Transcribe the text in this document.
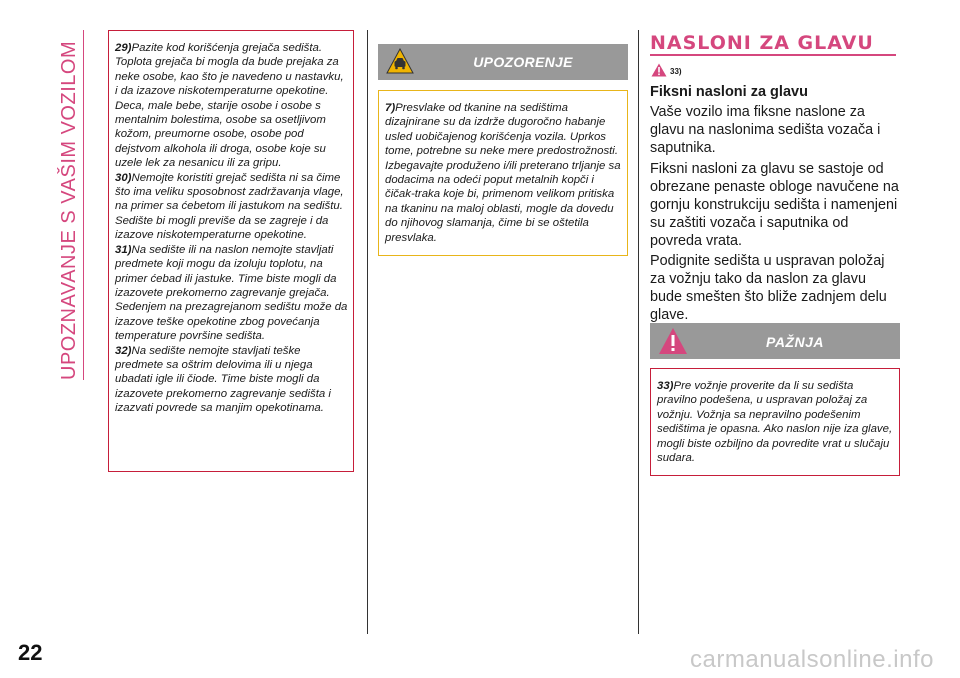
UPOZNAVANJE S VAŠIM VOZILOM
22

29)Pazite kod korišćenja grejača sedišta. Toplota grejača bi mogla da bude prejaka za neke osobe, kao što je navedeno u nastavku, i da izazove niskotemperaturne opekotine. Deca, male bebe, starije osobe i osobe s mentalnim bolestima, osobe sa osetljivom kožom, preumorne osobe, osobe pod dejstvom alkohola ili droga, osobe koje su uzele lek za nesanicu ili za gripu.

30)Nemojte koristiti grejač sedišta ni sa čime što ima veliku sposobnost zadržavanja vlage, na primer sa ćebetom ili jastukom na sedištu. Sedište bi mogli previše da se zagreje i da izazove niskotemperaturne opekotine.

31)Na sedište ili na naslon nemojte stavljati predmete koji mogu da izoluju toplotu, na primer ćebad ili jastuke. Time biste mogli da izazovete prekomerno zagrevanje grejača. Sedenjem na prezagrejanom sedištu može da izazove teške opekotine zbog povećanja temperature površine sedišta.

32)Na sedište nemojte stavljati teške predmete sa oštrim delovima ili u njega ubadati igle ili čiode. Time biste mogli da izazovete prekomerno zagrevanje sedišta i izazvati povrede sa manjim opekotinama.

UPOZORENJE

7)Presvlake od tkanine na sedištima dizajnirane su da izdrže dugoročno habanje usled uobičajenog korišćenja vozila. Uprkos tome, potrebne su neke mere predostrožnosti. Izbegavajte produženo i/ili preterano trljanje sa dodacima na odeći poput metalnih kopči i čičak-traka koje bi, primenom velikom pritiska na tkaninu na maloj oblasti, mogle da dovedu do njihovog slamanja, čime bi se oštetila presvlaka.

NASLONI ZA GLAVU
33)
Fiksni nasloni za glavu

Vaše vozilo ima fiksne naslone za glavu na naslonima sedišta vozača i saputnika.

Fiksni nasloni za glavu se sastoje od obrezane penaste obloge navučene na gornju konstrukciju sedišta i namenjeni su zaštiti vozača i saputnika od povreda vrata.

Podignite sedišta u uspravan položaj za vožnju tako da naslon za glavu bude smešten što bliže zadnjem delu glave.

PAŽNJA

33)Pre vožnje proverite da li su sedišta pravilno podešena, u uspravan položaj za vožnju. Vožnja sa nepravilno podešenim sedištima je opasna. Ako naslon nije iza glave, mogli biste ozbiljno da povredite vrat u slučaju sudara.

carmanualsonline.info
